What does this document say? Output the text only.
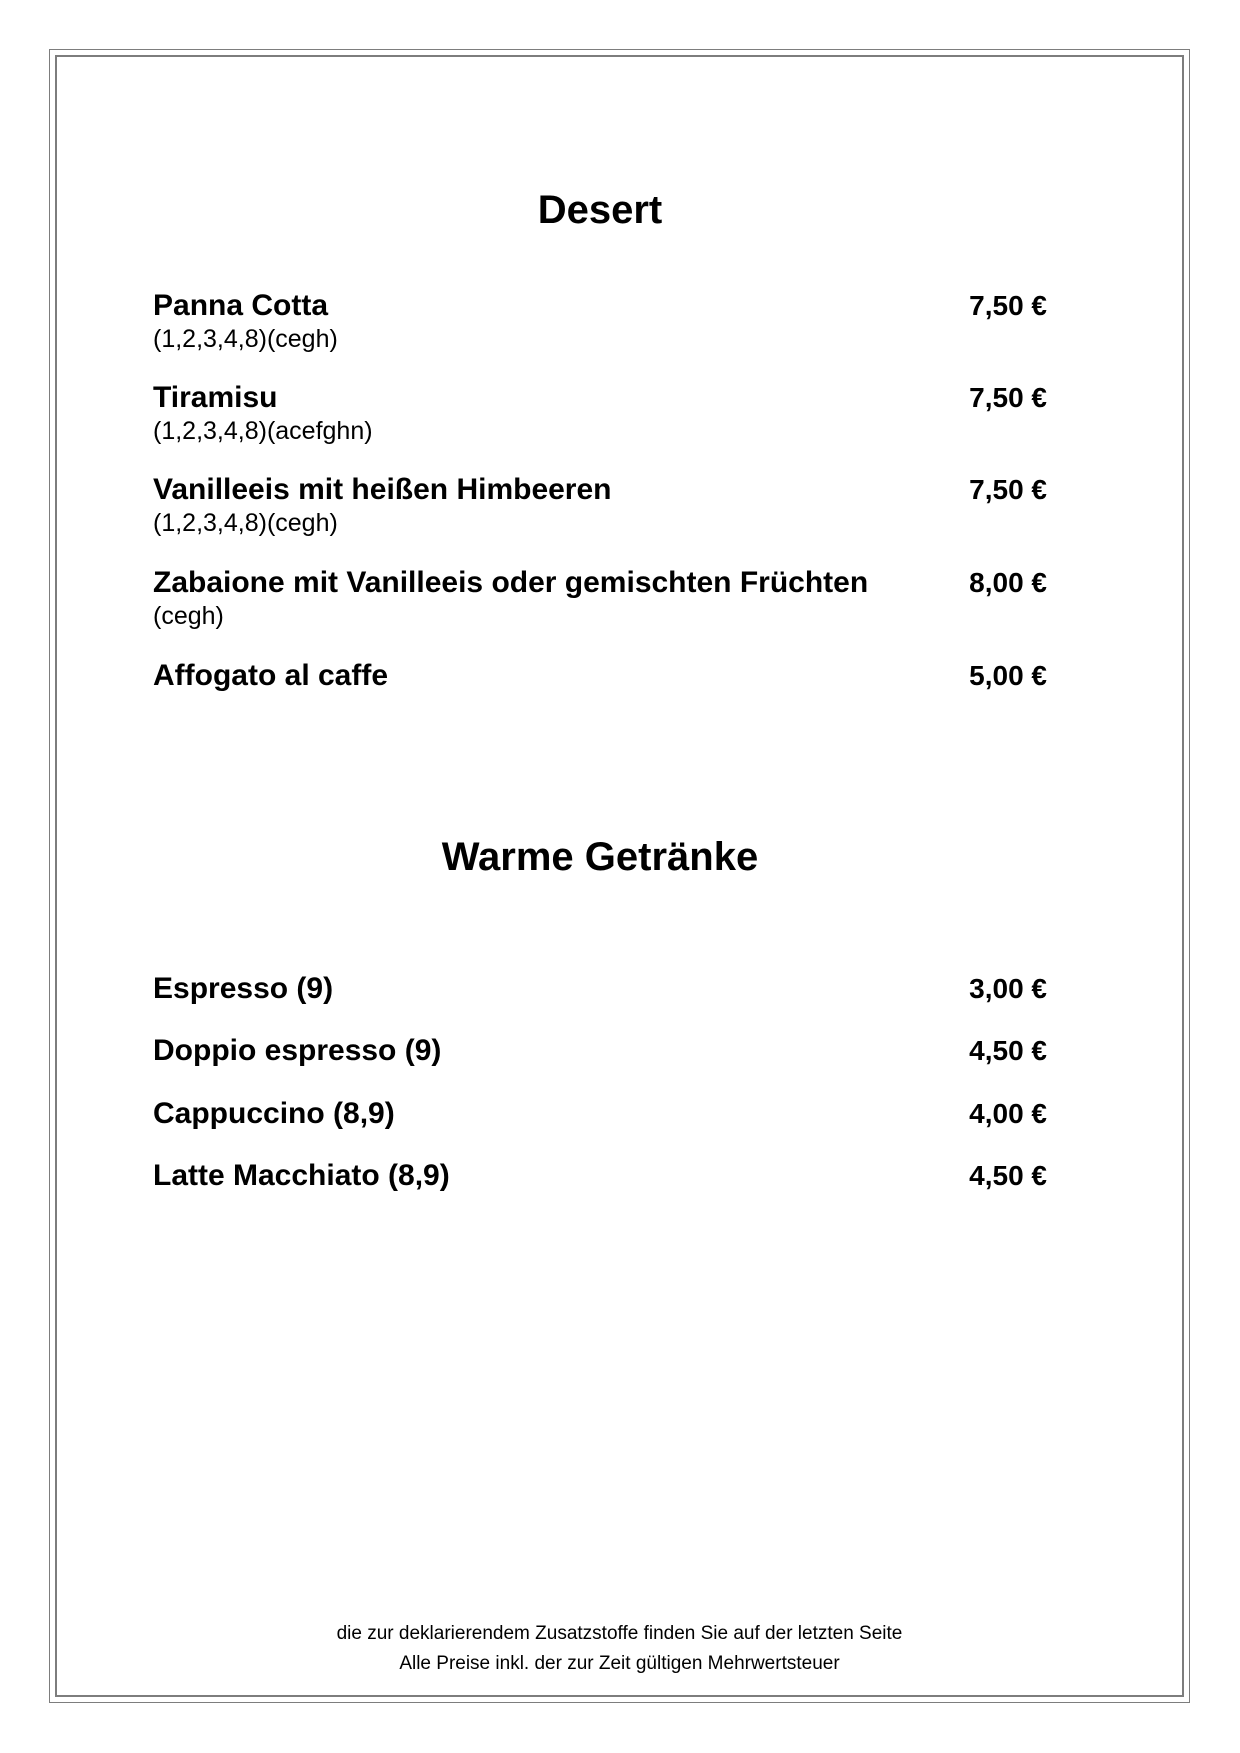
Desert
Panna Cotta	7,50 €
(1,2,3,4,8)(cegh)
Tiramisu	7,50 €
(1,2,3,4,8)(acefghn)
Vanilleeis mit heißen Himbeeren	7,50 €
(1,2,3,4,8)(cegh)
Zabaione mit Vanilleeis oder gemischten Früchten	8,00 €
(cegh)
Affogato al caffe	5,00 €
Warme Getränke
Espresso (9)	3,00 €
Doppio espresso (9)	4,50 €
Cappuccino (8,9)	4,00 €
Latte Macchiato (8,9)	4,50 €
die zur deklarierendem Zusatzstoffe finden Sie auf der letzten Seite
Alle Preise inkl. der zur Zeit gültigen Mehrwertsteuer
